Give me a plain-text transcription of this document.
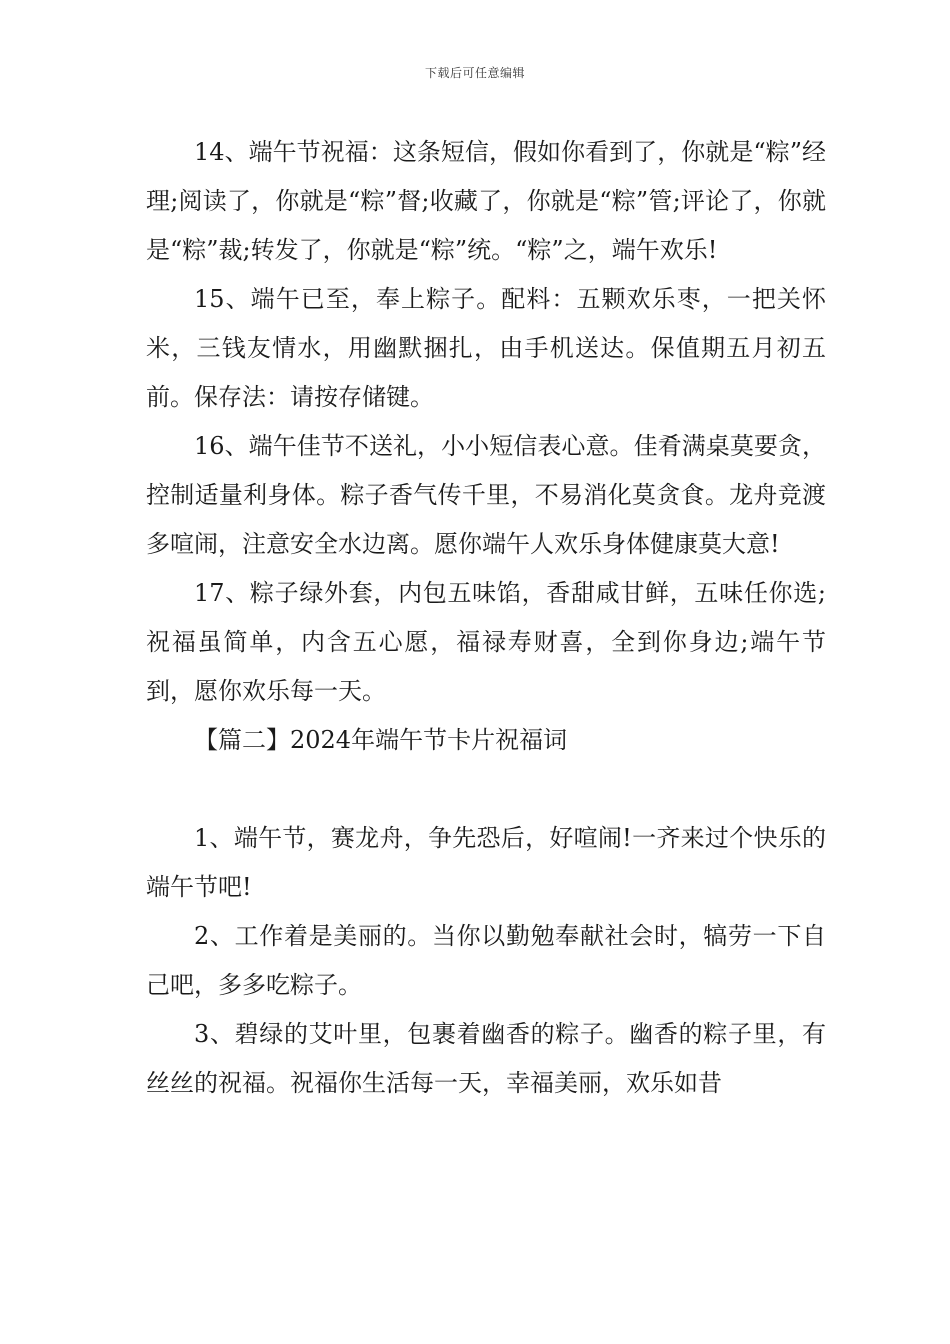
下载后可任意编辑

14、端午节祝福：这条短信，假如你看到了，你就是“粽”经理;阅读了，你就是“粽”督;收藏了，你就是“粽”管;评论了，你就是“粽”裁;转发了，你就是“粽”统。“粽”之，端午欢乐!

15、端午已至，奉上粽子。配料：五颗欢乐枣，一把关怀米，三钱友情水，用幽默捆扎，由手机送达。保值期五月初五前。保存法：请按存储键。

16、端午佳节不送礼，小小短信表心意。佳肴满桌莫要贪，控制适量利身体。粽子香气传千里，不易消化莫贪食。龙舟竞渡多喧闹，注意安全水边离。愿你端午人欢乐身体健康莫大意!

17、粽子绿外套，内包五味馅，香甜咸甘鲜，五味任你选;祝福虽简单，内含五心愿，福禄寿财喜，全到你身边;端午节到，愿你欢乐每一天。

【篇二】2024年端午节卡片祝福词

1、端午节，赛龙舟，争先恐后，好喧闹!一齐来过个快乐的端午节吧!

2、工作着是美丽的。当你以勤勉奉献社会时，犒劳一下自己吧，多多吃粽子。

3、碧绿的艾叶里，包裹着幽香的粽子。幽香的粽子里，有丝丝的祝福。祝福你生活每一天，幸福美丽，欢乐如昔
